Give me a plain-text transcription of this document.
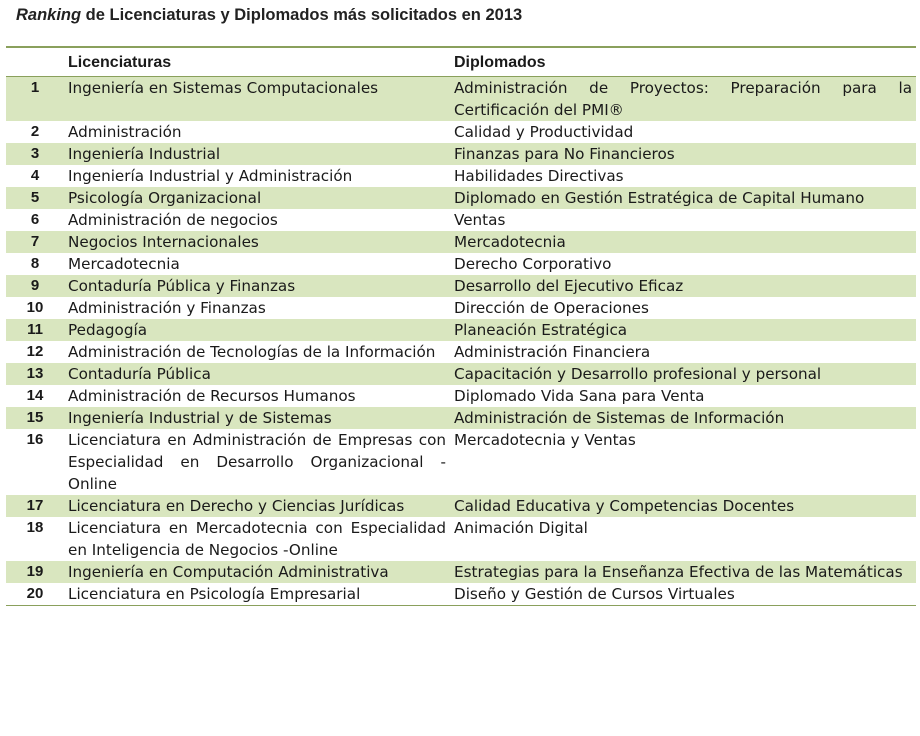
Ranking de Licenciaturas y Diplomados más solicitados en 2013
	Licenciaturas	Diplomados
1	Ingeniería en Sistemas Computacionales	Administración de Proyectos: Preparación para la Certificación del PMI®
2	Administración	Calidad y Productividad
3	Ingeniería Industrial	Finanzas para No Financieros
4	Ingeniería Industrial y Administración	Habilidades Directivas
5	Psicología Organizacional	Diplomado en Gestión Estratégica de Capital Humano
6	Administración de negocios	Ventas
7	Negocios Internacionales	Mercadotecnia
8	Mercadotecnia	Derecho Corporativo
9	Contaduría Pública y Finanzas	Desarrollo del Ejecutivo Eficaz
10	Administración y Finanzas	Dirección de Operaciones
11	Pedagogía	Planeación Estratégica
12	Administración de Tecnologías de la Información	Administración Financiera
13	Contaduría Pública	Capacitación y Desarrollo profesional y personal
14	Administración de Recursos Humanos	Diplomado Vida Sana para Venta
15	Ingeniería Industrial y de Sistemas	Administración de Sistemas de Información
16	Licenciatura en Administración de Empresas con Especialidad en Desarrollo Organizacional -Online	Mercadotecnia y Ventas
17	Licenciatura en Derecho y Ciencias Jurídicas	Calidad Educativa y Competencias Docentes
18	Licenciatura en Mercadotecnia con Especialidad en Inteligencia de Negocios -Online	Animación Digital
19	Ingeniería en Computación Administrativa	Estrategias para la Enseñanza Efectiva de las Matemáticas
20	Licenciatura en Psicología Empresarial	Diseño y Gestión de Cursos Virtuales
